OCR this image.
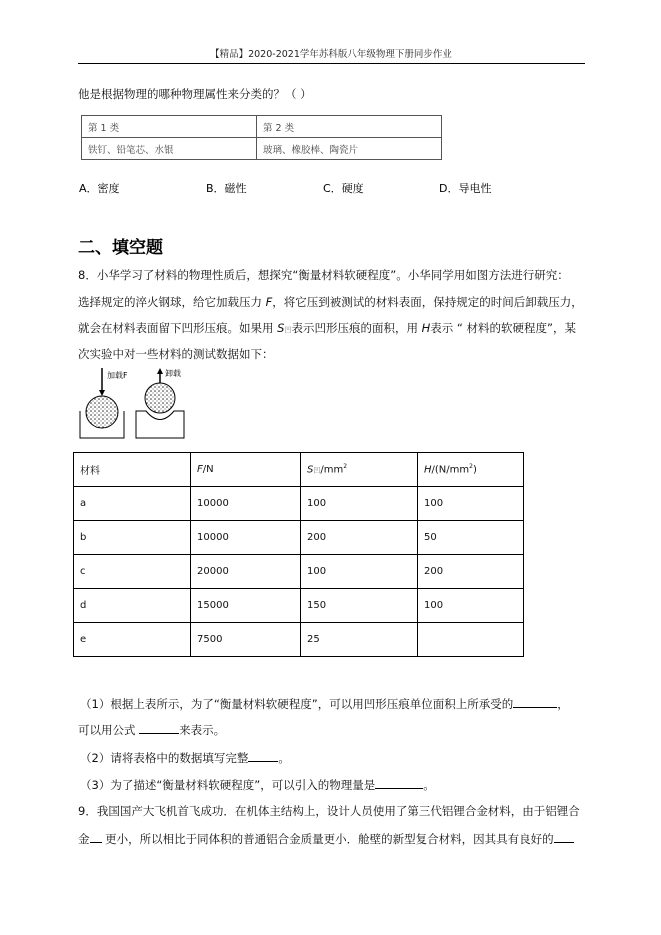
【精品】2020-2021学年苏科版八年级物理下册同步作业
他是根据物理的哪种物理属性来分类的？（ ）
第 1 类	第 2 类
铁钉、铅笔芯、水银	玻璃、橡胶棒、陶瓷片
A．密度	B．磁性	C．硬度	D．导电性
二、填空题
8．小华学习了材料的物理性质后，想探究“衡量材料软硬程度”。小华同学用如图方法进行研究：
选择规定的淬火钢球，给它加载压力 F，将它压到被测试的材料表面，保持规定的时间后卸载压力，
就会在材料表面留下凹形压痕。如果用 S凹表示凹形压痕的面积，用 H表示 “ 材料的软硬程度”，某
次实验中对一些材料的测试数据如下：
加载F	卸载
材料	F/N	S凹$/mm^2$	$H/(N/mm^2)$
a	10000	100	100
b	10000	200	50
c	20000	100	200
d	15000	150	100
e	7500	25	
（1）根据上表所示，为了“衡量材料软硬程度”，可以用凹形压痕单位面积上所承受的	，
可以用公式	来表示。
（2）请将表格中的数据填写完整	。
（3）为了描述“衡量材料软硬程度”，可以引入的物理量是	。
9．我国国产大飞机首飞成功．在机体主结构上，设计人员使用了第三代铝锂合金材料，由于铝锂合
金 更小，所以相比于同体积的普通铝合金质量更小．舱壁的新型复合材料，因其具有良好的
